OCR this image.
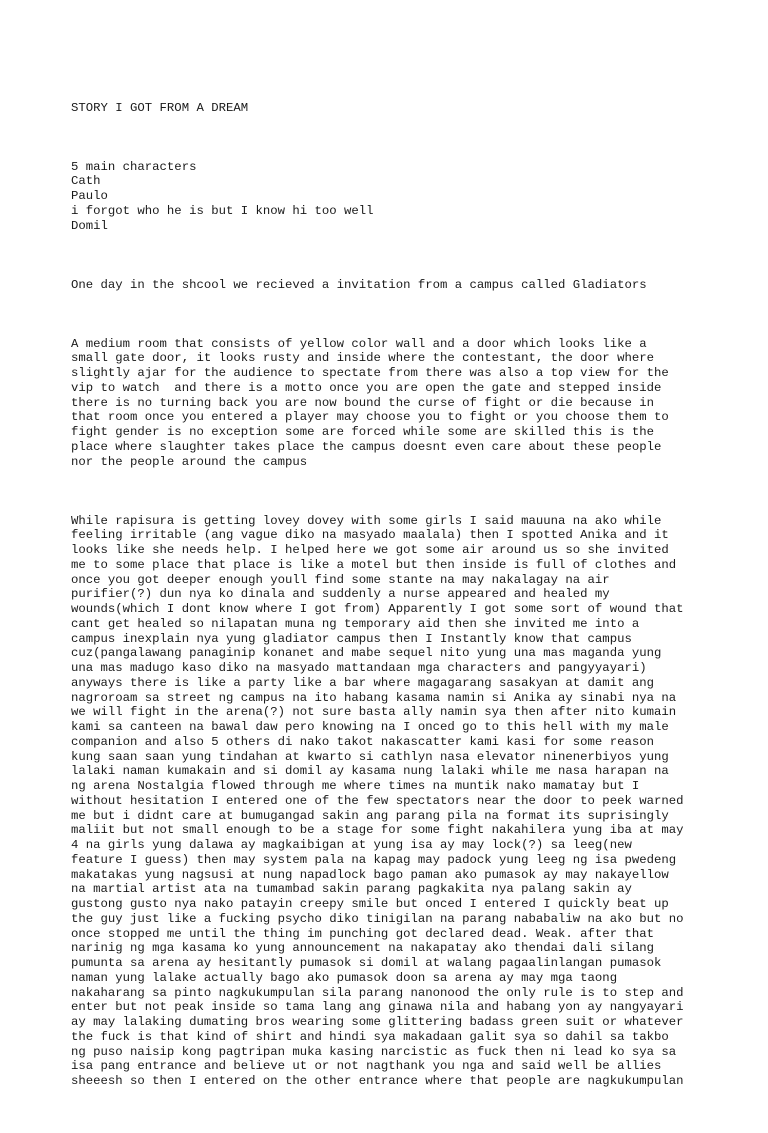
STORY I GOT FROM A DREAM

5 main characters
Cath
Paulo
i forgot who he is but I know hi too well
Domil

One day in the shcool we recieved a invitation from a campus called Gladiators

A medium room that consists of yellow color wall and a door which looks like a
small gate door, it looks rusty and inside where the contestant, the door where
slightly ajar for the audience to spectate from there was also a top view for the
vip to watch  and there is a motto once you are open the gate and stepped inside
there is no turning back you are now bound the curse of fight or die because in
that room once you entered a player may choose you to fight or you choose them to
fight gender is no exception some are forced while some are skilled this is the
place where slaughter takes place the campus doesnt even care about these people
nor the people around the campus

While rapisura is getting lovey dovey with some girls I said mauuna na ako while
feeling irritable (ang vague diko na masyado maalala) then I spotted Anika and it
looks like she needs help. I helped here we got some air around us so she invited
me to some place that place is like a motel but then inside is full of clothes and
once you got deeper enough youll find some stante na may nakalagay na air
purifier(?) dun nya ko dinala and suddenly a nurse appeared and healed my
wounds(which I dont know where I got from) Apparently I got some sort of wound that
cant get healed so nilapatan muna ng temporary aid then she invited me into a
campus inexplain nya yung gladiator campus then I Instantly know that campus
cuz(pangalawang panaginip konanet and mabe sequel nito yung una mas maganda yung
una mas madugo kaso diko na masyado mattandaan mga characters and pangyyayari)
anyways there is like a party like a bar where magagarang sasakyan at damit ang
nagroroam sa street ng campus na ito habang kasama namin si Anika ay sinabi nya na
we will fight in the arena(?) not sure basta ally namin sya then after nito kumain
kami sa canteen na bawal daw pero knowing na I onced go to this hell with my male
companion and also 5 others di nako takot nakascatter kami kasi for some reason
kung saan saan yung tindahan at kwarto si cathlyn nasa elevator ninenerbiyos yung
lalaki naman kumakain and si domil ay kasama nung lalaki while me nasa harapan na
ng arena Nostalgia flowed through me where times na muntik nako mamatay but I
without hesitation I entered one of the few spectators near the door to peek warned
me but i didnt care at bumugangad sakin ang parang pila na format its suprisingly
maliit but not small enough to be a stage for some fight nakahilera yung iba at may
4 na girls yung dalawa ay magkaibigan at yung isa ay may lock(?) sa leeg(new
feature I guess) then may system pala na kapag may padock yung leeg ng isa pwedeng
makatakas yung nagsusi at nung napadlock bago paman ako pumasok ay may nakayellow
na martial artist ata na tumambad sakin parang pagkakita nya palang sakin ay
gustong gusto nya nako patayin creepy smile but onced I entered I quickly beat up
the guy just like a fucking psycho diko tinigilan na parang nababaliw na ako but no
once stopped me until the thing im punching got declared dead. Weak. after that
narinig ng mga kasama ko yung announcement na nakapatay ako thendai dali silang
pumunta sa arena ay hesitantly pumasok si domil at walang pagaalinlangan pumasok
naman yung lalake actually bago ako pumasok doon sa arena ay may mga taong
nakaharang sa pinto nagkukumpulan sila parang nanonood the only rule is to step and
enter but not peak inside so tama lang ang ginawa nila and habang yon ay nangyayari
ay may lalaking dumating bros wearing some glittering badass green suit or whatever
the fuck is that kind of shirt and hindi sya makadaan galit sya so dahil sa takbo
ng puso naisip kong pagtripan muka kasing narcistic as fuck then ni lead ko sya sa
isa pang entrance and believe ut or not nagthank you nga and said well be allies
sheeesh so then I entered on the other entrance where that people are nagkukumpulan
